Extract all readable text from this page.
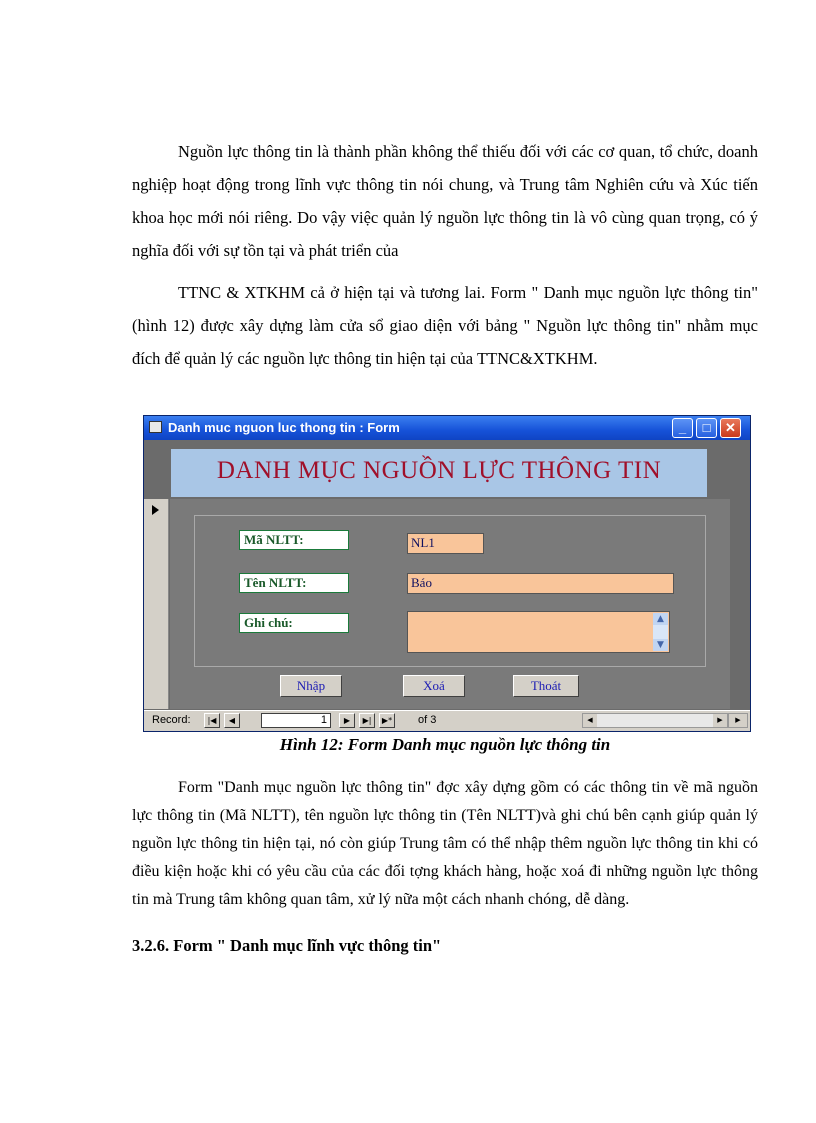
Nguồn lực thông tin là thành phần không thể thiếu đối với các cơ quan, tổ chức, doanh nghiệp hoạt động trong lĩnh vực thông tin nói chung, và Trung tâm Nghiên cứu và Xúc tiến khoa học mới nói riêng. Do vậy việc quản lý nguồn lực thông tin là vô cùng quan trọng, có ý nghĩa đối với sự tồn tại và phát triển của
TTNC & XTKHM cả ở hiện tại và tương lai. Form " Danh mục nguồn lực thông tin" (hình 12) được xây dựng làm cửa sổ giao diện với bảng " Nguồn lực thông tin" nhằm mục đích để quản lý các nguồn lực thông tin hiện tại của TTNC&XTKHM.
Danh muc nguon luc thong tin : Form	_	□	✕
DANH MỤC NGUỒN LỰC THÔNG TIN
Mã NLTT:	NL1
Tên NLTT:	Báo
Ghi chú:	▲
▼
Nhập	Xoá	Thoát
Record:	|◀	◀	1	▶	▶|	▶* of 3	◀	▶	▶
Hình 12: Form Danh mục nguồn lực thông tin
Form "Danh mục nguồn lực thông tin" đợc xây dựng gồm có các thông tin về mã nguồn lực thông tin (Mã NLTT), tên nguồn lực thông tin (Tên NLTT)và ghi chú bên cạnh giúp quản lý nguồn lực thông tin hiện tại, nó còn giúp Trung tâm có thể nhập thêm nguồn lực thông tin khi có điều kiện hoặc khi có yêu cầu của các đối tợng khách hàng, hoặc xoá đi những nguồn lực thông tin mà Trung tâm không quan tâm, xử lý nữa một cách nhanh chóng, dễ dàng.
3.2.6. Form " Danh mục lĩnh vực thông tin"
